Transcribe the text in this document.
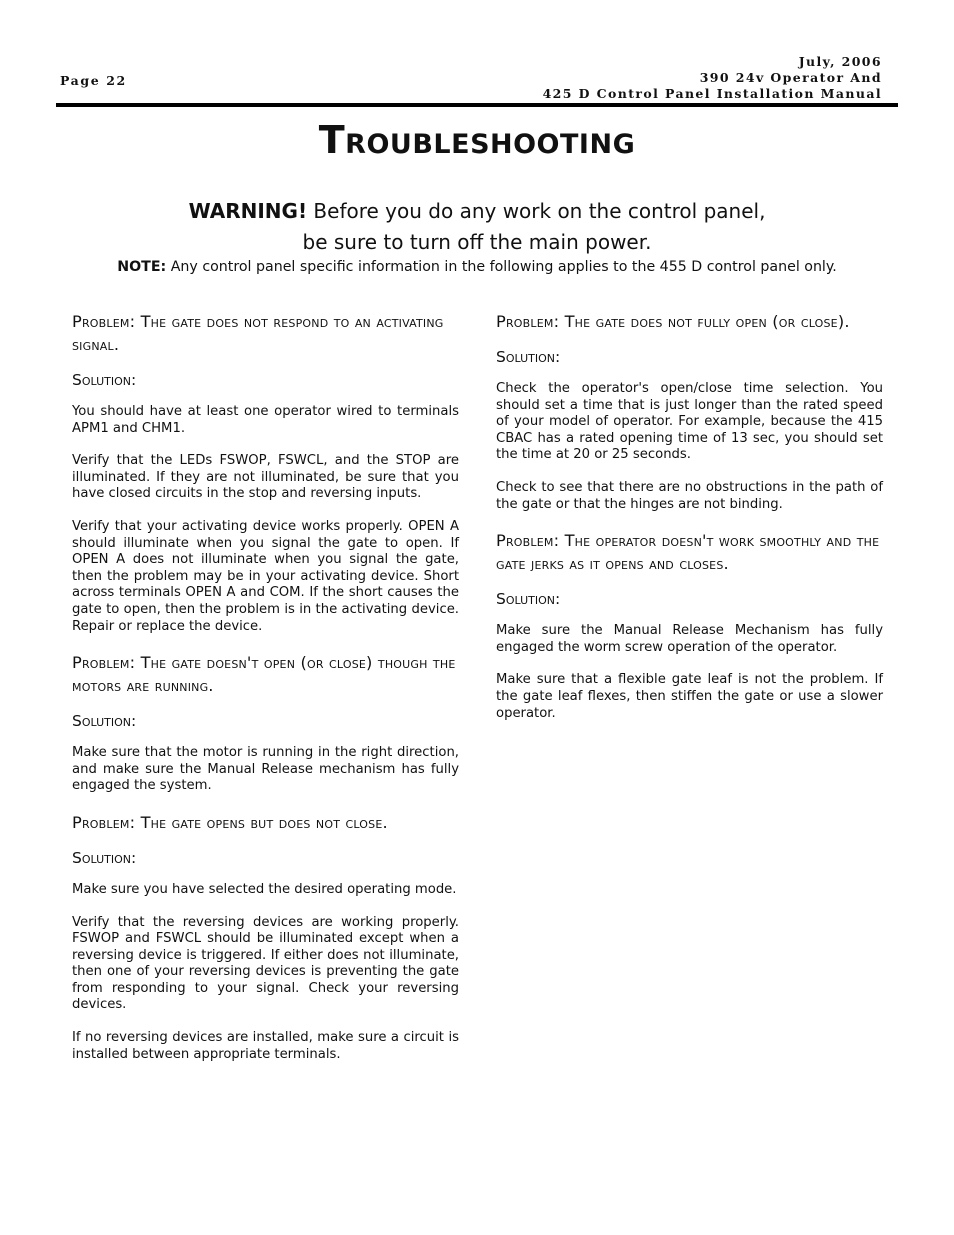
Page 22
July, 2006
390 24v Operator And
425 D Control Panel Installation Manual
Troubleshooting
WARNING! Before you do any work on the control panel,
be sure to turn off the main power.
NOTE: Any control panel specific information in the following applies to the 455 D control panel only.
Problem: The gate does not respond to an activating signal.
Solution:

You should have at least one operator wired to terminals APM1 and CHM1.

Verify that the LEDs FSWOP, FSWCL, and the STOP are illuminated. If they are not illuminated, be sure that you have closed circuits in the stop and reversing inputs.

Verify that your activating device works properly. OPEN A should illuminate when you signal the gate to open. If OPEN A does not illuminate when you signal the gate, then the problem may be in your activating device. Short across terminals OPEN A and COM. If the short causes the gate to open, then the problem is in the activating device. Repair or replace the device.

Problem: The gate doesn't open (or close) though the motors are running.
Solution:

Make sure that the motor is running in the right direction, and make sure the Manual Release mechanism has fully engaged the system.

Problem: The gate opens but does not close.
Solution:

Make sure you have selected the desired operating mode.

Verify that the reversing devices are working properly. FSWOP and FSWCL should be illuminated except when a reversing device is triggered. If either does not illuminate, then one of your reversing devices is preventing the gate from responding to your signal. Check your reversing devices.

If no reversing devices are installed, make sure a circuit is installed between appropriate terminals.

Problem: The gate does not fully open (or close).
Solution:

Check the operator's open/close time selection. You should set a time that is just longer than the rated speed of your model of operator. For example, because the 415 CBAC has a rated opening time of 13 sec, you should set the time at 20 or 25 seconds.

Check to see that there are no obstructions in the path of the gate or that the hinges are not binding.

Problem: The operator doesn't work smoothly and the gate jerks as it opens and closes.
Solution:

Make sure the Manual Release Mechanism has fully engaged the worm screw operation of the operator.

Make sure that a flexible gate leaf is not the problem. If the gate leaf flexes, then stiffen the gate or use a slower operator.
